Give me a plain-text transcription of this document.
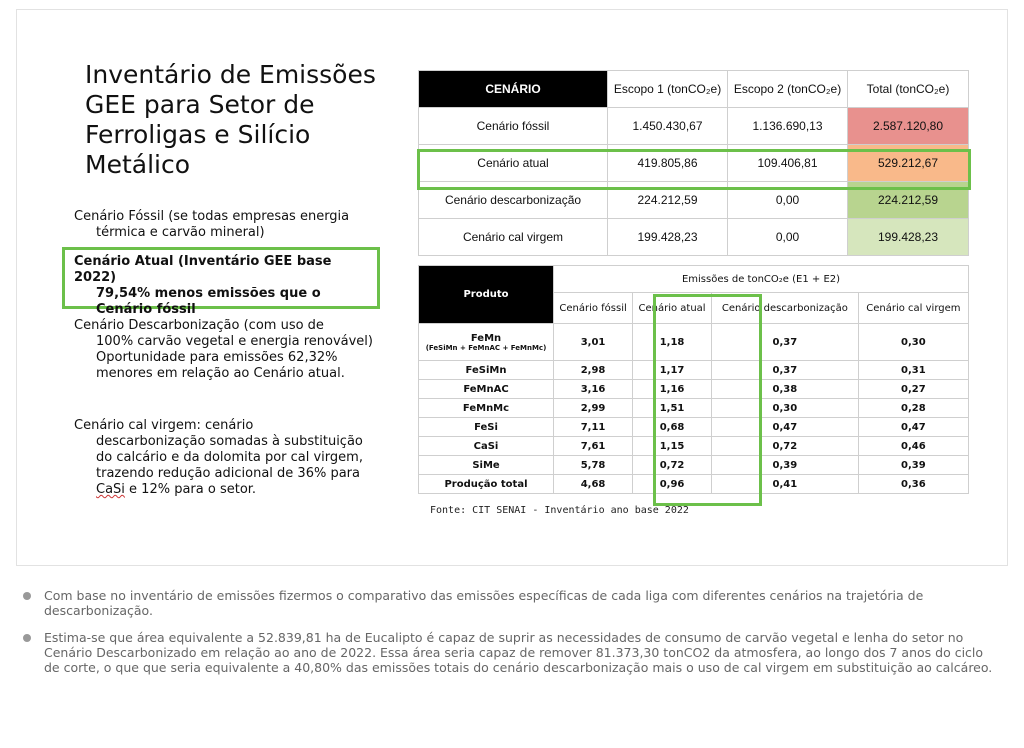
Inventário de Emissões GEE para Setor de Ferroligas e Silício Metálico

Cenário Fóssil (se todas empresas energia
térmica e carvão mineral)

Cenário Atual (Inventário GEE base 2022)
79,54% menos emissões que o Cenário fóssil

Cenário Descarbonização (com uso de
100% carvão vegetal e energia renovável)
Oportunidade para emissões 62,32% menores em relação ao Cenário atual.

Cenário cal virgem: cenário
descarbonização somadas à substituição do calcário e da dolomita por cal virgem, trazendo redução adicional de 36% para CaSi e 12% para o setor.

CENÁRIO	Escopo 1 (tonCO₂e)	Escopo 2 (tonCO₂e)	Total (tonCO₂e)
Cenário fóssil	1.450.430,67	1.136.690,13	2.587.120,80
Cenário atual	419.805,86	109.406,81	529.212,67
Cenário descarbonização	224.212,59	0,00	224.212,59
Cenário cal virgem	199.428,23	0,00	199.428,23
Produto	Emissões de tonCO₂e (E1 + E2)			
	Cenário fóssil	Cenário atual	Cenário descarbonização	Cenário cal virgem
FeMn
(FeSiMn + FeMnAC + FeMnMc)	3,01	1,18	0,37	0,30
FeSiMn	2,98	1,17	0,37	0,31
FeMnAC	3,16	1,16	0,38	0,27
FeMnMc	2,99	1,51	0,30	0,28
FeSi	7,11	0,68	0,47	0,47
CaSi	7,61	1,15	0,72	0,46
SiMe	5,78	0,72	0,39	0,39
Produção total	4,68	0,96	0,41	0,36
Fonte: CIT SENAI - Inventário ano base 2022
Com base no inventário de emissões fizermos o comparativo das emissões específicas de cada liga com diferentes cenários na trajetória de descarbonização.
Estima-se que área equivalente a 52.839,81 ha de Eucalipto é capaz de suprir as necessidades de consumo de carvão vegetal e lenha do setor no Cenário Descarbonizado em relação ao ano de 2022. Essa área seria capaz de remover 81.373,30 tonCO2 da atmosfera, ao longo dos 7 anos do ciclo de corte, o que que seria equivalente a 40,80% das emissões totais do cenário descarbonização mais o uso de cal virgem em substituição ao calcáreo.
